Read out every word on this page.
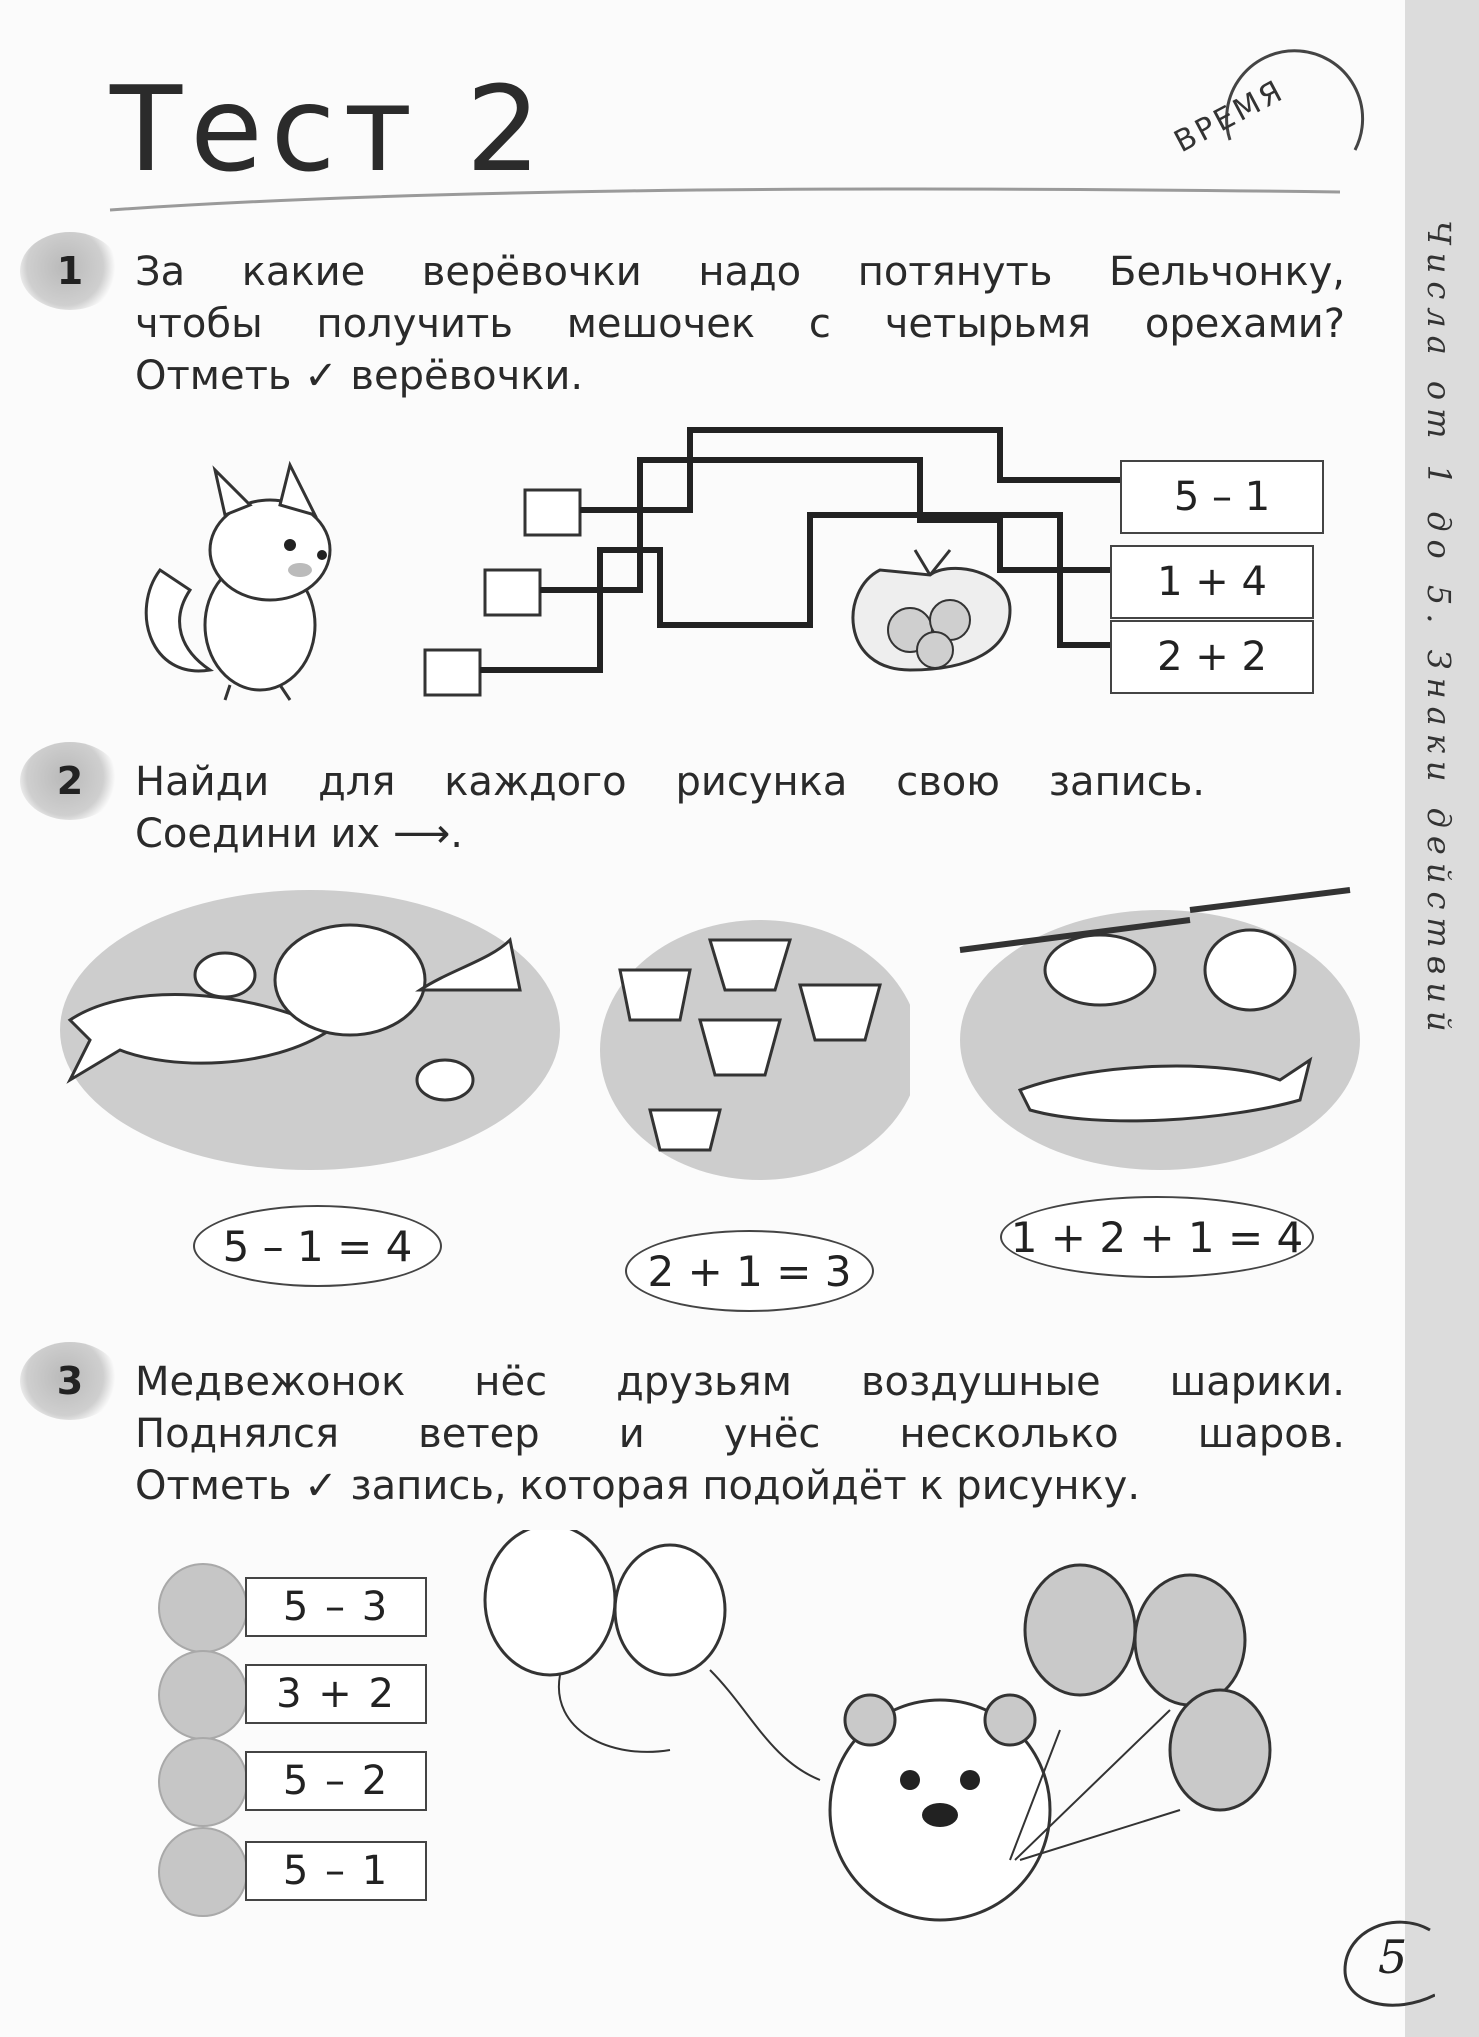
Числа от 1 до 5. Знаки действий
Тест 2	ВРЕМЯ
1 За какие верёвочки надо потянуть Бельчонку,
чтобы получить мешочек с четырьмя орехами?
Отметь ✓ верёвочки.
5 – 1
1 + 4
2 + 2
2 Найди для каждого рисунка свою запись.
Соедини их ⟶.
5 – 1 = 4
2 + 1 = 3
1 + 2 + 1 = 4
3 Медвежонок нёс друзьям воздушные шарики.
Поднялся ветер и унёс несколько шаров.
Отметь ✓ запись, которая подойдёт к рисунку.
5 – 3
3 + 2
5 – 2
5 – 1
5
